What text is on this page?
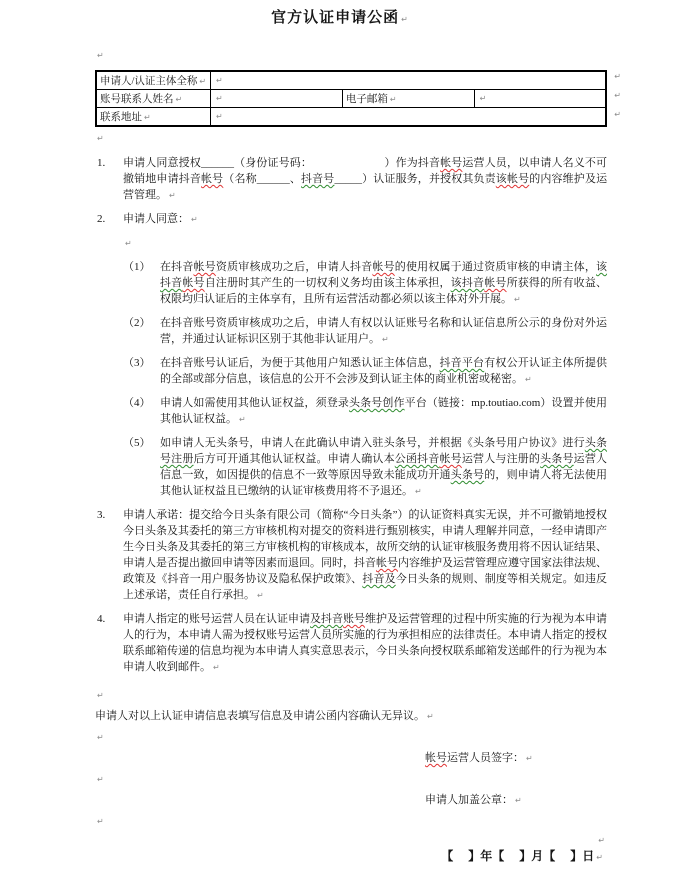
官方认证申请公函 ↵
↵
申请人/认证主体全称 ↵	↵		
账号联系人姓名 ↵	↵	电子邮箱 ↵	↵
联系地址 ↵	↵		
↵
↵
↵
↵
1. 申请人同意授权______（身份证号码：　　　　　　　）作为抖音帐号运营人员，以申请人名义不可撤销地申请抖音帐号（名称______、抖音号_____）认证服务，并授权其负责该帐号的内容维护及运营管理。 ↵
2. 申请人同意： ↵
↵
（1） 在抖音帐号资质审核成功之后，申请人抖音帐号的使用权属于通过资质审核的申请主体，该抖音帐号自注册时其产生的一切权利义务均由该主体承担，该抖音帐号所获得的所有收益、权限均归认证后的主体享有，且所有运营活动都必须以该主体对外开展。 ↵
（2） 在抖音账号资质审核成功之后，申请人有权以认证账号名称和认证信息所公示的身份对外运营，并通过认证标识区别于其他非认证用户。 ↵
（3） 在抖音账号认证后，为便于其他用户知悉认证主体信息，抖音平台有权公开认证主体所提供的全部或部分信息，该信息的公开不会涉及到认证主体的商业机密或秘密。 ↵
（4） 申请人如需使用其他认证权益，须登录头条号创作平台（链接：mp.toutiao.com）设置并使用其他认证权益。 ↵
（5） 如申请人无头条号，申请人在此确认申请入驻头条号，并根据《头条号用户协议》进行头条号注册后方可开通其他认证权益。申请人确认本公函抖音帐号运营人与注册的头条号运营人信息一致，如因提供的信息不一致等原因导致未能成功开通头条号的，则申请人将无法使用其他认证权益且已缴纳的认证审核费用将不予退还。 ↵
3. 申请人承诺：提交给今日头条有限公司（简称“今日头条”）的认证资料真实无误，并不可撤销地授权今日头条及其委托的第三方审核机构对提交的资料进行甄别核实，申请人理解并同意，一经申请即产生今日头条及其委托的第三方审核机构的审核成本，故所交纳的认证审核服务费用将不因认证结果、申请人是否提出撤回申请等因素而退回。同时，抖音帐号内容维护及运营管理应遵守国家法律法规、政策及《抖音一用户服务协议及隐私保护政策》、抖音及今日头条的规则、制度等相关规定。如违反上述承诺，责任自行承担。 ↵
4. 申请人指定的账号运营人员在认证申请及抖音账号维护及运营管理的过程中所实施的行为视为本申请人的行为，本申请人需为授权账号运营人员所实施的行为承担相应的法律责任。本申请人指定的授权联系邮箱传递的信息均视为本申请人真实意思表示，今日头条向授权联系邮箱发送邮件的行为视为本申请人收到邮件。 ↵
↵
申请人对以上认证申请信息表填写信息及申请公函内容确认无异议。 ↵
↵
帐号运营人员签字： ↵
↵
申请人加盖公章： ↵
↵
↵
【　 】年【　 】月【　 】日 ↵
